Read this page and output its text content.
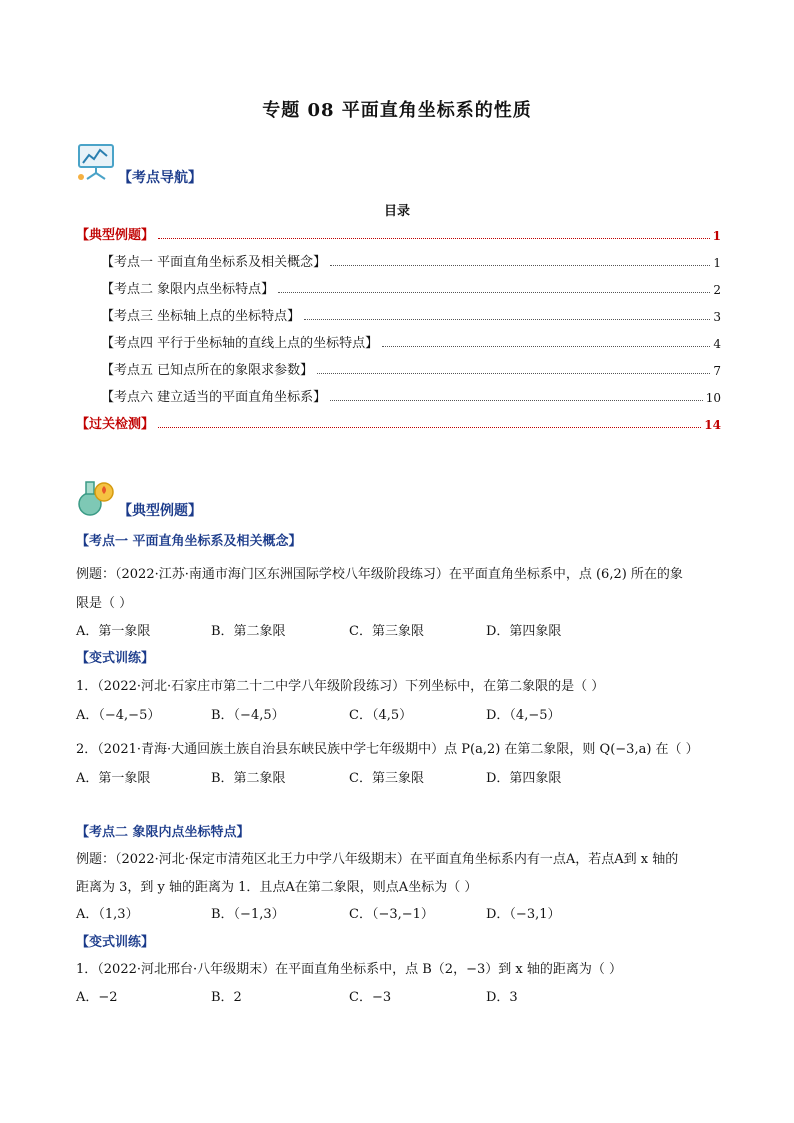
专题 08 平面直角坐标系的性质
【考点导航】
目录
【典型例题】	1
【考点一 平面直角坐标系及相关概念】	1
【考点二 象限内点坐标特点】	2
【考点三 坐标轴上点的坐标特点】	3
【考点四 平行于坐标轴的直线上点的坐标特点】	4
【考点五 已知点所在的象限求参数】	7
【考点六 建立适当的平面直角坐标系】	10
【过关检测】	14
【典型例题】
【考点一 平面直角坐标系及相关概念】
例题：（2022·江苏·南通市海门区东洲国际学校八年级阶段练习）在平面直角坐标系中，点 (6,2) 所在的象
限是（ ）
A．第一象限	B．第二象限	C．第三象限	D．第四象限
【变式训练】
1．（2022·河北·石家庄市第二十二中学八年级阶段练习）下列坐标中，在第二象限的是（ ）
A．（−4,−5）	B．（−4,5）	C．（4,5）	D．（4,−5）
2．（2021·青海·大通回族土族自治县东峡民族中学七年级期中）点 P(a,2) 在第二象限，则 Q(−3,a) 在（ ）
A．第一象限	B．第二象限	C．第三象限	D．第四象限
【考点二 象限内点坐标特点】
例题：（2022·河北·保定市清苑区北王力中学八年级期末）在平面直角坐标系内有一点A，若点A到 x 轴的
距离为 3，到 y 轴的距离为 1．且点A在第二象限，则点A坐标为（ ）
A．（1,3）	B．（−1,3）	C．（−3,−1）	D．（−3,1）
【变式训练】
1．（2022·河北邢台·八年级期末）在平面直角坐标系中，点 B（2，−3）到 x 轴的距离为（ ）
A．−2	B．2	C．−3	D．3
